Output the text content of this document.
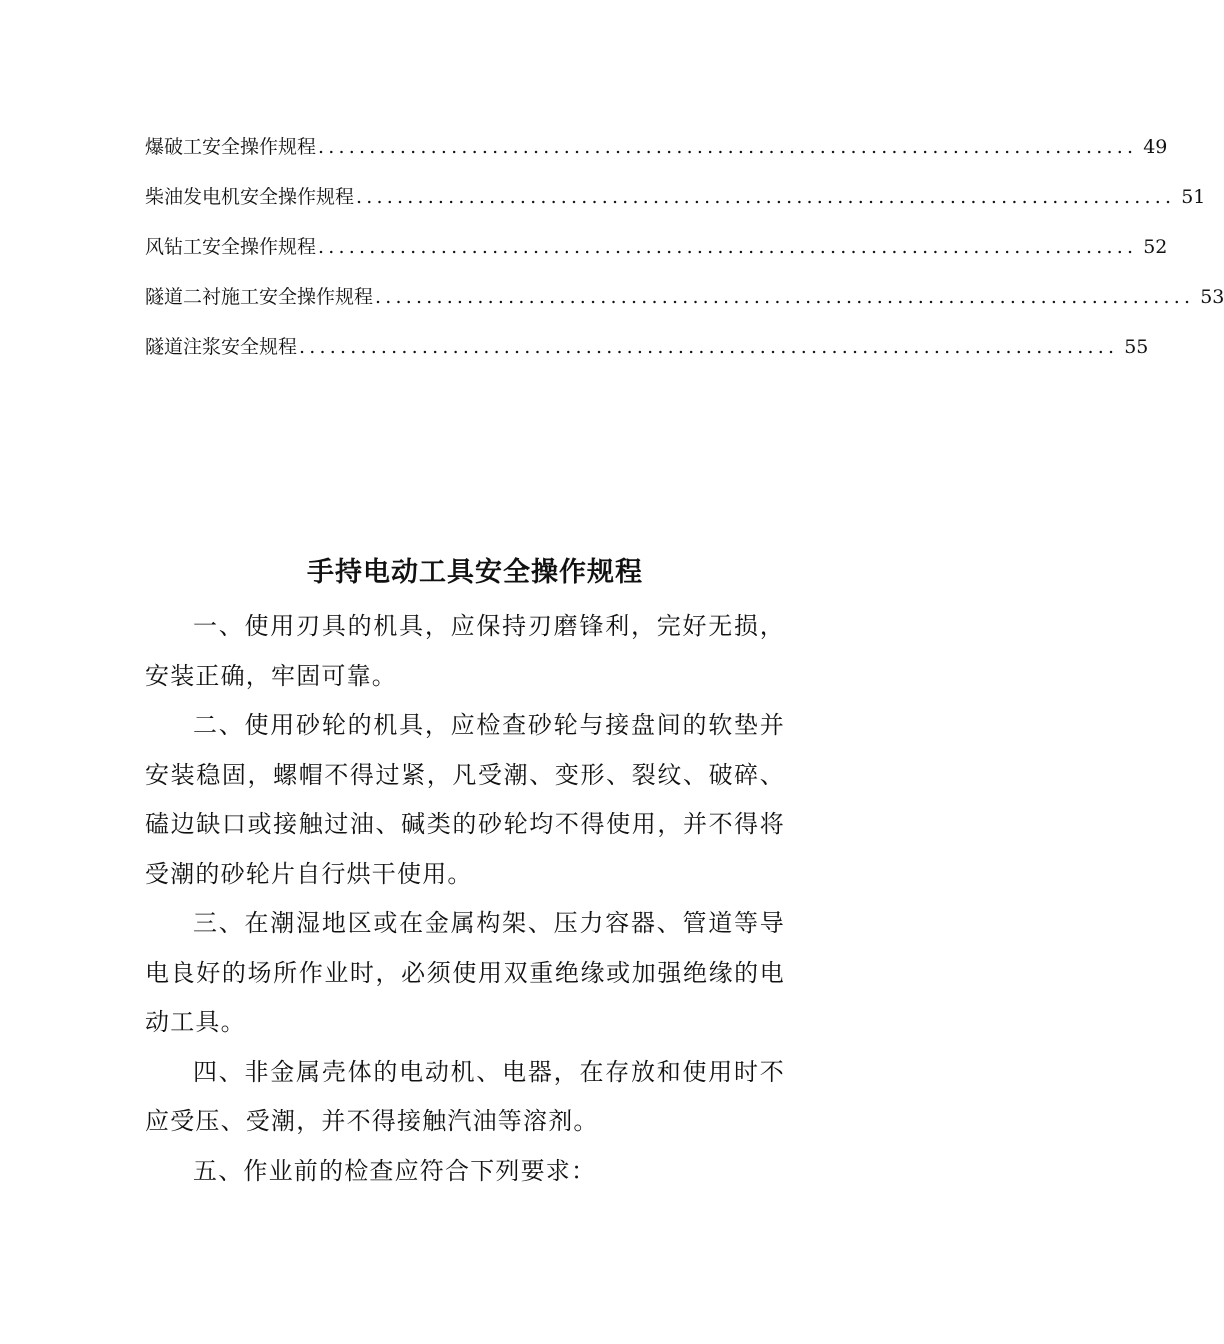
爆破工安全操作规程 ................................................................................ 49
柴油发电机安全操作规程 ................................................................................ 51
风钻工安全操作规程 ................................................................................ 52
隧道二衬施工安全操作规程 ................................................................................ 53
隧道注浆安全规程 ................................................................................ 55
手持电动工具安全操作规程

一、使用刃具的机具，应保持刃磨锋利，完好无损，安装正确，牢固可靠。

二、使用砂轮的机具，应检查砂轮与接盘间的软垫并安装稳固，螺帽不得过紧，凡受潮、变形、裂纹、破碎、磕边缺口或接触过油、碱类的砂轮均不得使用，并不得将受潮的砂轮片自行烘干使用。

三、在潮湿地区或在金属构架、压力容器、管道等导电良好的场所作业时，必须使用双重绝缘或加强绝缘的电动工具。

四、非金属壳体的电动机、电器，在存放和使用时不应受压、受潮，并不得接触汽油等溶剂。

五、作业前的检查应符合下列要求：
